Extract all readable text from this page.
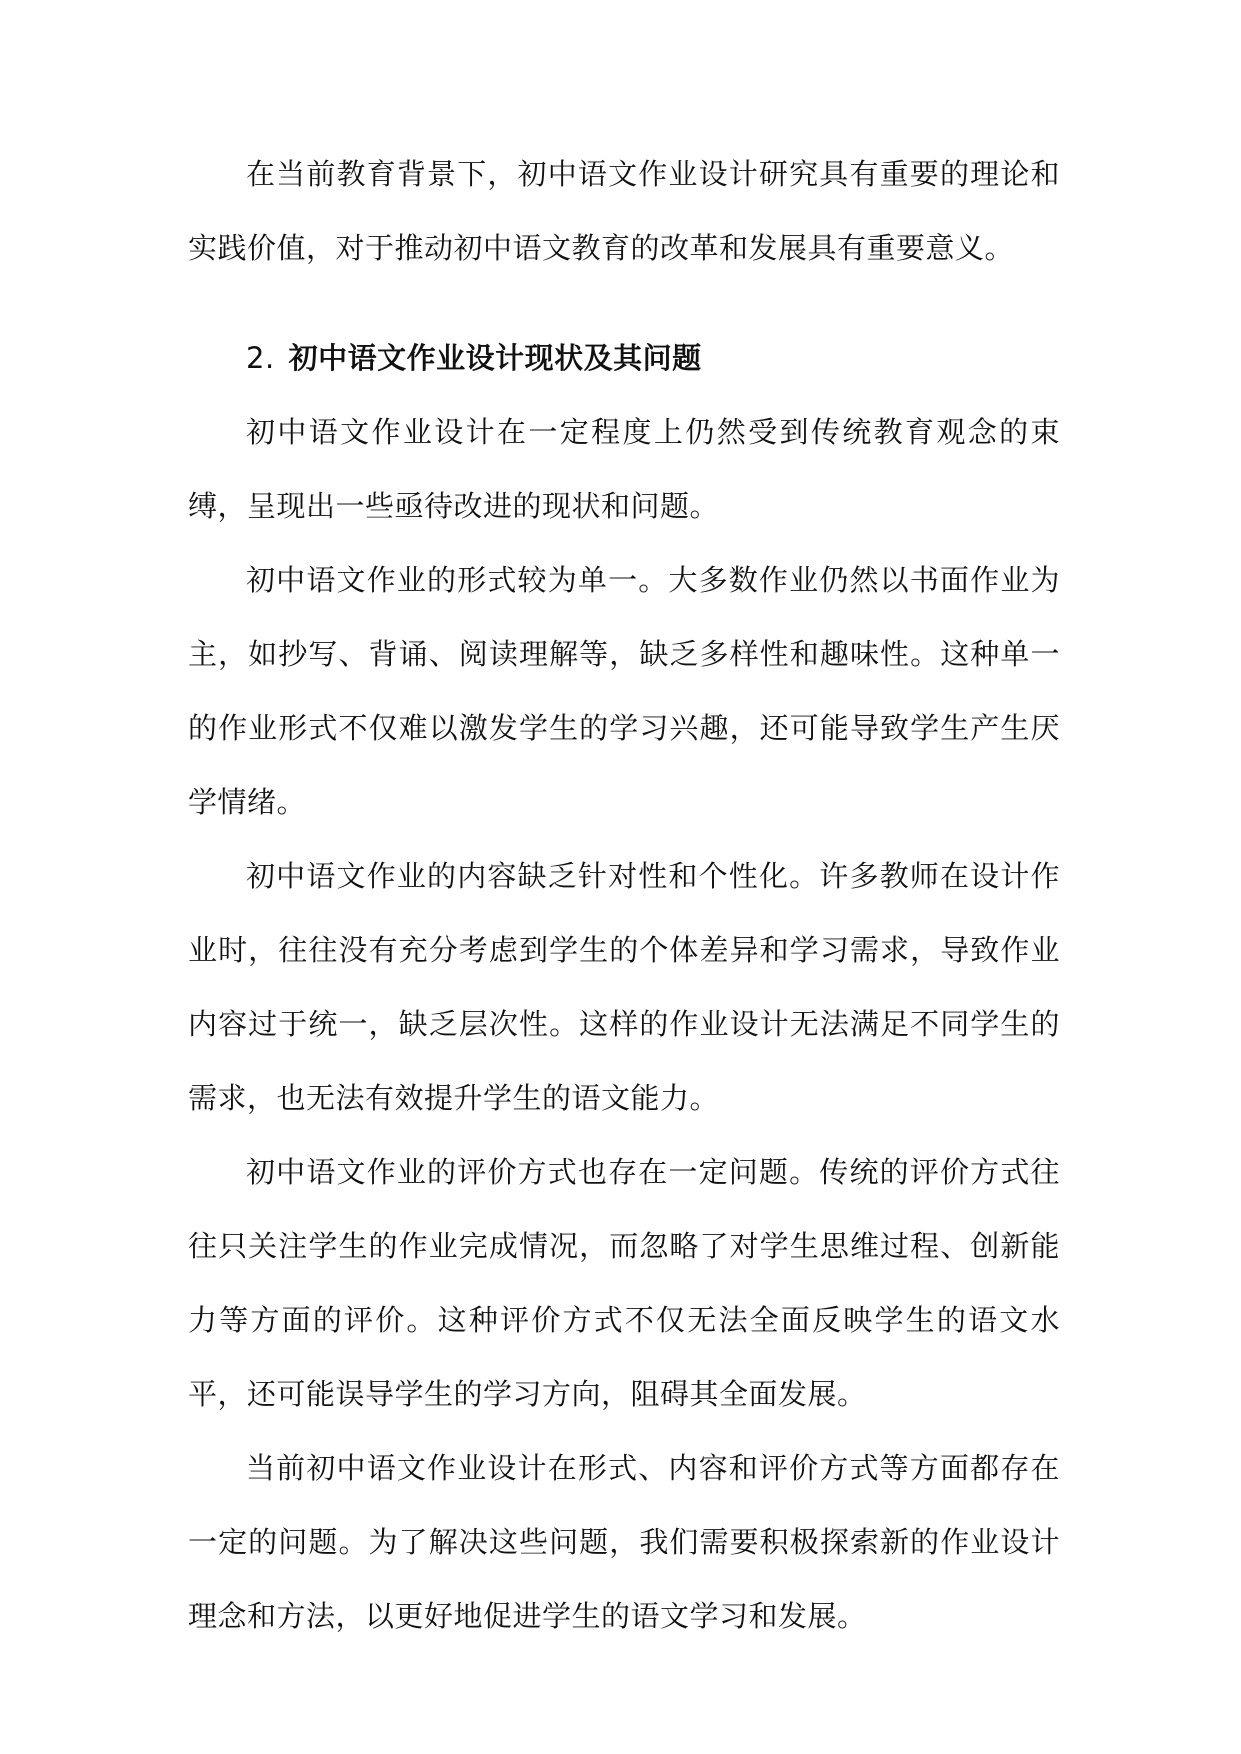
在当前教育背景下，初中语文作业设计研究具有重要的理论和实践价值，对于推动初中语文教育的改革和发展具有重要意义。

2. 初中语文作业设计现状及其问题

初中语文作业设计在一定程度上仍然受到传统教育观念的束缚，呈现出一些亟待改进的现状和问题。

初中语文作业的形式较为单一。大多数作业仍然以书面作业为主，如抄写、背诵、阅读理解等，缺乏多样性和趣味性。这种单一的作业形式不仅难以激发学生的学习兴趣，还可能导致学生产生厌学情绪。

初中语文作业的内容缺乏针对性和个性化。许多教师在设计作业时，往往没有充分考虑到学生的个体差异和学习需求，导致作业内容过于统一，缺乏层次性。这样的作业设计无法满足不同学生的需求，也无法有效提升学生的语文能力。

初中语文作业的评价方式也存在一定问题。传统的评价方式往往只关注学生的作业完成情况，而忽略了对学生思维过程、创新能力等方面的评价。这种评价方式不仅无法全面反映学生的语文水平，还可能误导学生的学习方向，阻碍其全面发展。

当前初中语文作业设计在形式、内容和评价方式等方面都存在一定的问题。为了解决这些问题，我们需要积极探索新的作业设计理念和方法，以更好地促进学生的语文学习和发展。
